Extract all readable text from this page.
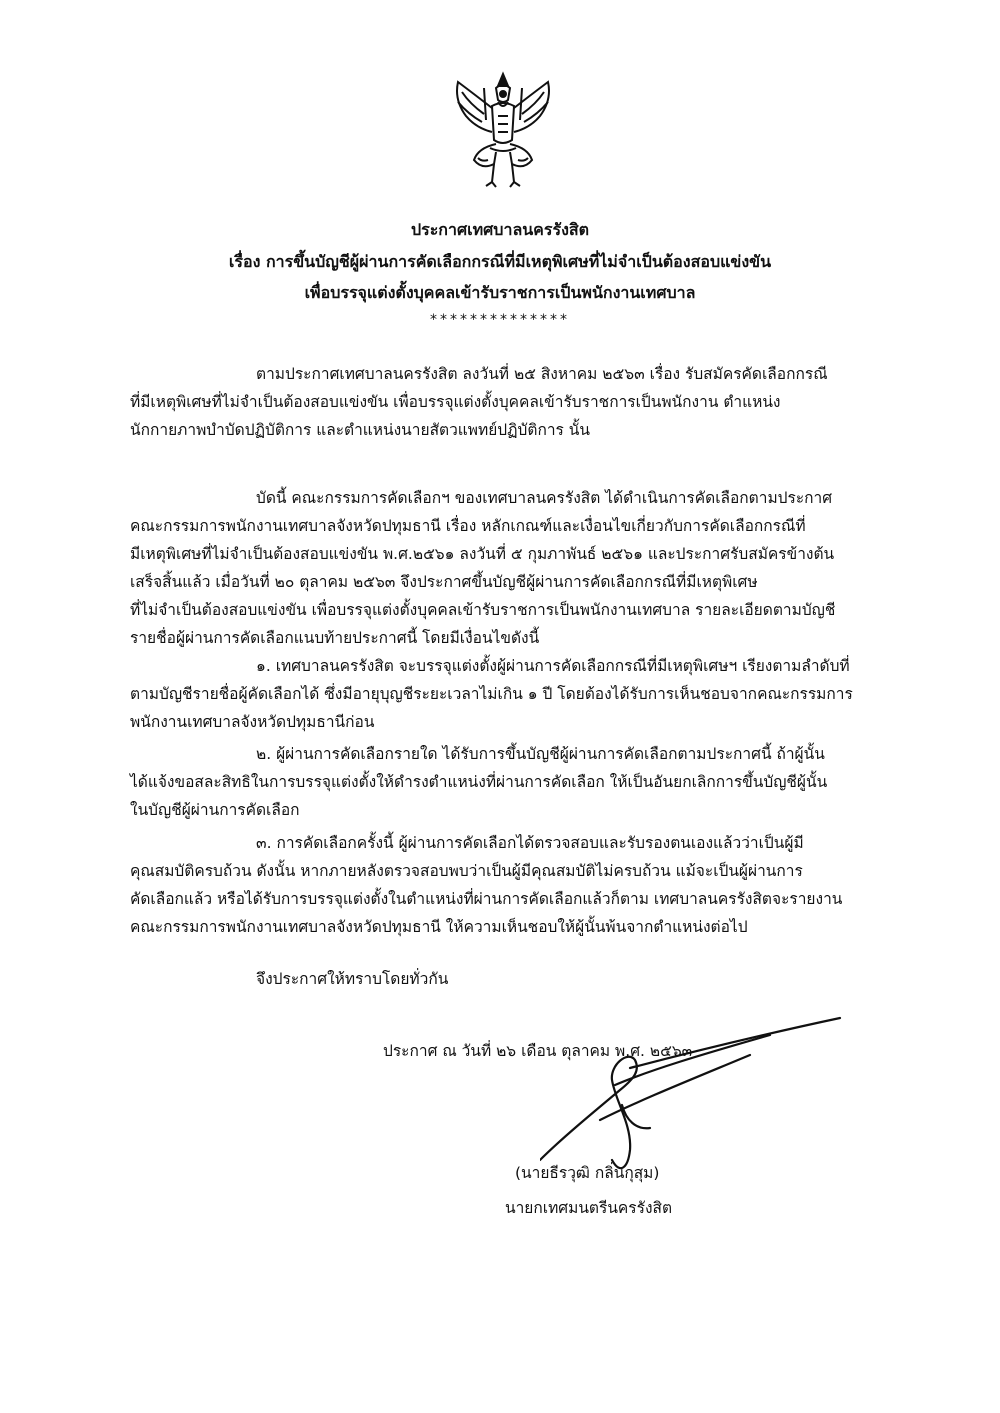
ประกาศเทศบาลนครรังสิต
เรื่อง การขึ้นบัญชีผู้ผ่านการคัดเลือกกรณีที่มีเหตุพิเศษที่ไม่จำเป็นต้องสอบแข่งขัน
เพื่อบรรจุแต่งตั้งบุคคลเข้ารับราชการเป็นพนักงานเทศบาล
**************
ตามประกาศเทศบาลนครรังสิต ลงวันที่ ๒๕ สิงหาคม ๒๕๖๓ เรื่อง รับสมัครคัดเลือกกรณี
ที่มีเหตุพิเศษที่ไม่จำเป็นต้องสอบแข่งขัน เพื่อบรรจุแต่งตั้งบุคคลเข้ารับราชการเป็นพนักงาน ตำแหน่ง
นักกายภาพบำบัดปฏิบัติการ และตำแหน่งนายสัตวแพทย์ปฏิบัติการ นั้น
บัดนี้ คณะกรรมการคัดเลือกฯ ของเทศบาลนครรังสิต ได้ดำเนินการคัดเลือกตามประกาศ
คณะกรรมการพนักงานเทศบาลจังหวัดปทุมธานี เรื่อง หลักเกณฑ์และเงื่อนไขเกี่ยวกับการคัดเลือกกรณีที่
มีเหตุพิเศษที่ไม่จำเป็นต้องสอบแข่งขัน พ.ศ.๒๕๖๑ ลงวันที่ ๕ กุมภาพันธ์ ๒๕๖๑ และประกาศรับสมัครข้างต้น
เสร็จสิ้นแล้ว เมื่อวันที่ ๒๐ ตุลาคม ๒๕๖๓ จึงประกาศขึ้นบัญชีผู้ผ่านการคัดเลือกกรณีที่มีเหตุพิเศษ
ที่ไม่จำเป็นต้องสอบแข่งขัน เพื่อบรรจุแต่งตั้งบุคคลเข้ารับราชการเป็นพนักงานเทศบาล รายละเอียดตามบัญชี
รายชื่อผู้ผ่านการคัดเลือกแนบท้ายประกาศนี้ โดยมีเงื่อนไขดังนี้
๑. เทศบาลนครรังสิต จะบรรจุแต่งตั้งผู้ผ่านการคัดเลือกกรณีที่มีเหตุพิเศษฯ เรียงตามลำดับที่
ตามบัญชีรายชื่อผู้คัดเลือกได้ ซึ่งมีอายุบุญชีระยะเวลาไม่เกิน ๑ ปี โดยต้องได้รับการเห็นชอบจากคณะกรรมการ
พนักงานเทศบาลจังหวัดปทุมธานีก่อน
๒. ผู้ผ่านการคัดเลือกรายใด ได้รับการขึ้นบัญชีผู้ผ่านการคัดเลือกตามประกาศนี้ ถ้าผู้นั้น
ได้แจ้งขอสละสิทธิในการบรรจุแต่งตั้งให้ดำรงตำแหน่งที่ผ่านการคัดเลือก ให้เป็นอันยกเลิกการขึ้นบัญชีผู้นั้น
ในบัญชีผู้ผ่านการคัดเลือก
๓. การคัดเลือกครั้งนี้ ผู้ผ่านการคัดเลือกได้ตรวจสอบและรับรองตนเองแล้วว่าเป็นผู้มี
คุณสมบัติครบถ้วน ดังนั้น หากภายหลังตรวจสอบพบว่าเป็นผู้มีคุณสมบัติไม่ครบถ้วน แม้จะเป็นผู้ผ่านการ
คัดเลือกแล้ว หรือได้รับการบรรจุแต่งตั้งในตำแหน่งที่ผ่านการคัดเลือกแล้วก็ตาม เทศบาลนครรังสิตจะรายงาน
คณะกรรมการพนักงานเทศบาลจังหวัดปทุมธานี ให้ความเห็นชอบให้ผู้นั้นพ้นจากตำแหน่งต่อไป
จึงประกาศให้ทราบโดยทั่วกัน
ประกาศ ณ วันที่ ๒๖ เดือน ตุลาคม พ.ศ. ๒๕๖๓
(นายธีรวุฒิ กลิ่นกุสุม)
นายกเทศมนตรีนครรังสิต
